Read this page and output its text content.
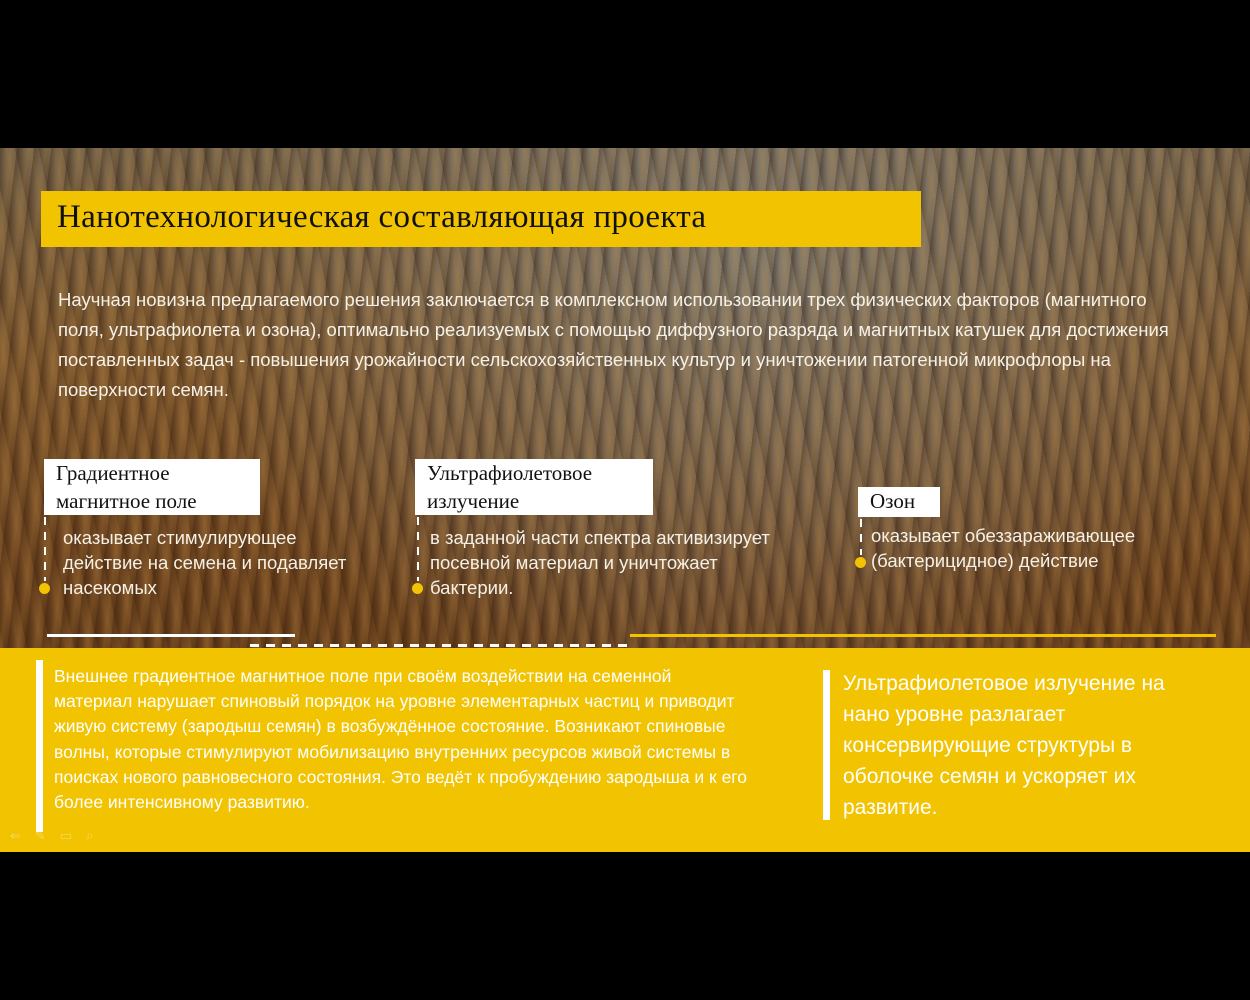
Нанотехнологическая составляющая проекта
Научная новизна предлагаемого решения заключается в комплексном использовании трех физических факторов (магнитного поля, ультрафиолета и озона), оптимально реализуемых с помощью диффузного разряда и магнитных катушек для достижения поставленных задач - повышения урожайности сельскохозяйственных культур и уничтожении патогенной микрофлоры на поверхности семян.
Градиентное
магнитное поле
оказывает стимулирующее действие на семена и подавляет насекомых
Ультрафиолетовое
излучение
в заданной части спектра активизирует посевной материал и уничтожает бактерии.
Озон
оказывает обеззараживающее (бактерицидное) действие
Внешнее градиентное магнитное поле при своём воздействии на семенной материал нарушает спиновый порядок на уровне элементарных частиц и приводит живую систему (зародыш семян) в возбуждённое состояние. Возникают спиновые волны, которые стимулируют мобилизацию внутренних ресурсов живой системы в поисках нового равновесного состояния. Это ведёт к пробуждению зародыша и к его более интенсивному развитию.
Ультрафиолетовое излучение на нано уровне разлагает консервирующие структуры в оболочке семян и ускоряет их развитие.
⇐ ✎ ▭ ⌕
